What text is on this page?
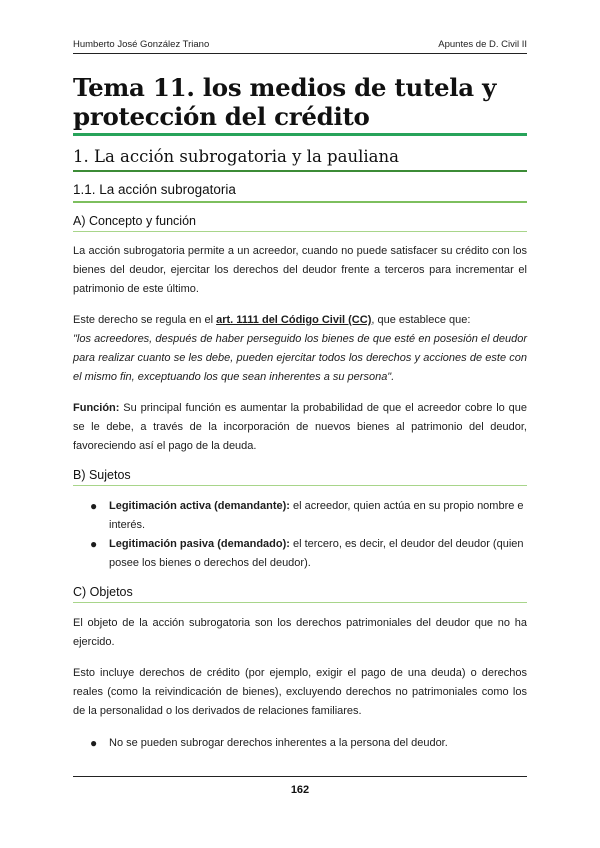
Humberto José González Triano	Apuntes de D. Civil II
Tema 11. los medios de tutela y protección del crédito
1. La acción subrogatoria y la pauliana
1.1. La acción subrogatoria
A) Concepto y función
La acción subrogatoria permite a un acreedor, cuando no puede satisfacer su crédito con los bienes del deudor, ejercitar los derechos del deudor frente a terceros para incrementar el patrimonio de este último.
Este derecho se regula en el art. 1111 del Código Civil (CC), que establece que:
"los acreedores, después de haber perseguido los bienes de que esté en posesión el deudor para realizar cuanto se les debe, pueden ejercitar todos los derechos y acciones de este con el mismo fin, exceptuando los que sean inherentes a su persona".
Función: Su principal función es aumentar la probabilidad de que el acreedor cobre lo que se le debe, a través de la incorporación de nuevos bienes al patrimonio del deudor, favoreciendo así el pago de la deuda.
B) Sujetos
● Legitimación activa (demandante): el acreedor, quien actúa en su propio nombre e interés.
● Legitimación pasiva (demandado): el tercero, es decir, el deudor del deudor (quien posee los bienes o derechos del deudor).
C) Objetos
El objeto de la acción subrogatoria son los derechos patrimoniales del deudor que no ha ejercido.
Esto incluye derechos de crédito (por ejemplo, exigir el pago de una deuda) o derechos reales (como la reivindicación de bienes), excluyendo derechos no patrimoniales como los de la personalidad o los derivados de relaciones familiares.
● No se pueden subrogar derechos inherentes a la persona del deudor.
162
